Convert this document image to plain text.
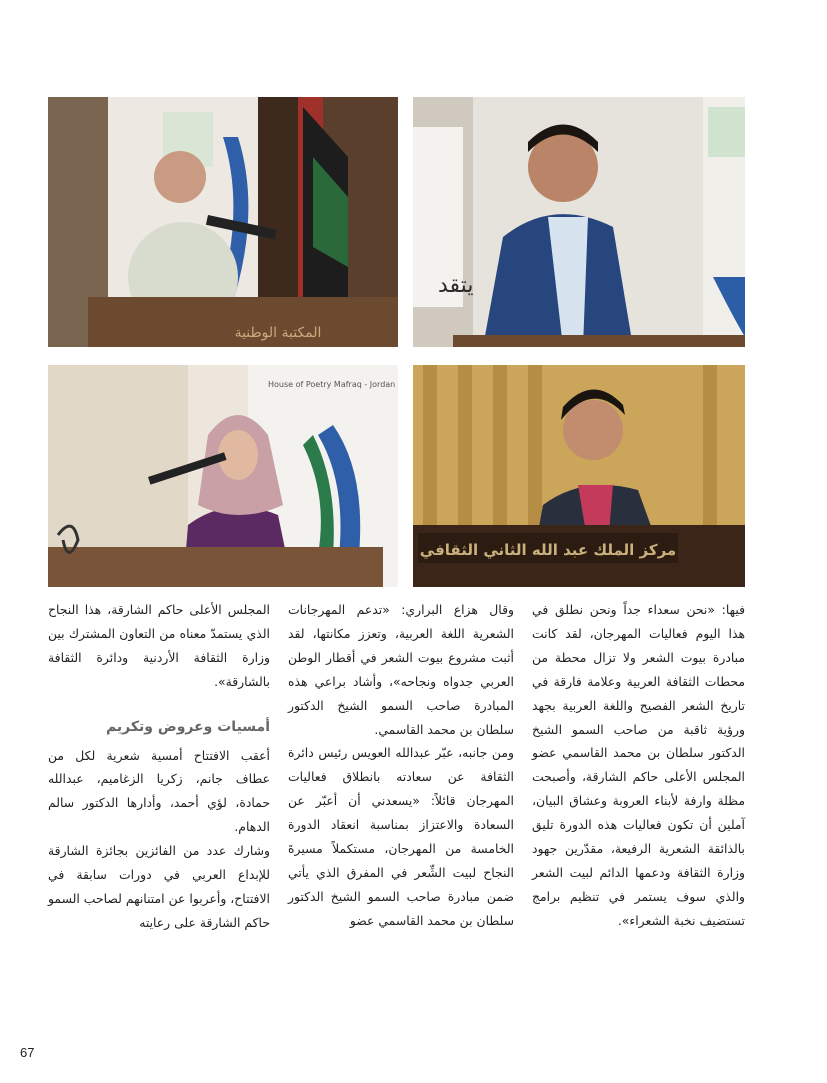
المكتبة الوطنية
يتقد
House of Poetry Mafraq - Jordan
مركز الملك عبد الله الثاني الثقافي

فيها: «نحن سعداء جداً ونحن نطلق في هذا اليوم فعاليات المهرجان، لقد كانت مبادرة بيوت الشعر ولا تزال محطة من محطات الثقافة العربية وعلامة فارقة في تاريخ الشعر الفصيح واللغة العربية بجهد ورؤية ثاقبة من صاحب السمو الشيخ الدكتور سلطان بن محمد القاسمي عضو المجلس الأعلى حاكم الشارقة، وأصبحت مظلة وارفة لأبناء العروبة وعشاق البيان، آملين أن تكون فعاليات هذه الدورة تليق بالذائقة الشعرية الرفيعة، مقدّرين جهود وزارة الثقافة ودعمها الدائم لبيت الشعر والذي سوف يستمر في تنظيم برامج تستضيف نخبة الشعراء».

وقال هزاع البراري: «تدعم المهرجانات الشعرية اللغة العربية، وتعزز مكانتها، لقد أثبت مشروع بيوت الشعر في أقطار الوطن العربي جدواه ونجاحه»، وأشاد براعي هذه المبادرة صاحب السمو الشيخ الدكتور سلطان بن محمد القاسمي.

ومن جانبه، عبّر عبدالله العويس رئيس دائرة الثقافة عن سعادته بانطلاق فعاليات المهرجان قائلاً: «يسعدني أن أعبّر عن السعادة والاعتزاز بمناسبة انعقاد الدورة الخامسة من المهرجان، مستكملاً مسيرةَ النجاح لبيت الشِّعر في المفرق الذي يأتي ضمن مبادرة صاحب السمو الشيخ الدكتور سلطان بن محمد القاسمي عضو

المجلس الأعلى حاكم الشارقة، هذا النجاح الذي يستمدّ معناه من التعاون المشترك بين وزارة الثقافة الأردنية ودائرة الثقافة بالشارقة».

أمسيات وعروض وتكريم

أعقب الافتتاح أمسية شعرية لكل من عطاف جانم، زكريا الزغاميم، عبدالله حمادة، لؤي أحمد، وأدارها الدكتور سالم الدهام.

وشارك عدد من الفائزين بجائزة الشارقة للإبداع العربي في دورات سابقة في الافتتاح، وأعربوا عن امتنانهم لصاحب السمو حاكم الشارقة على رعايته

67
